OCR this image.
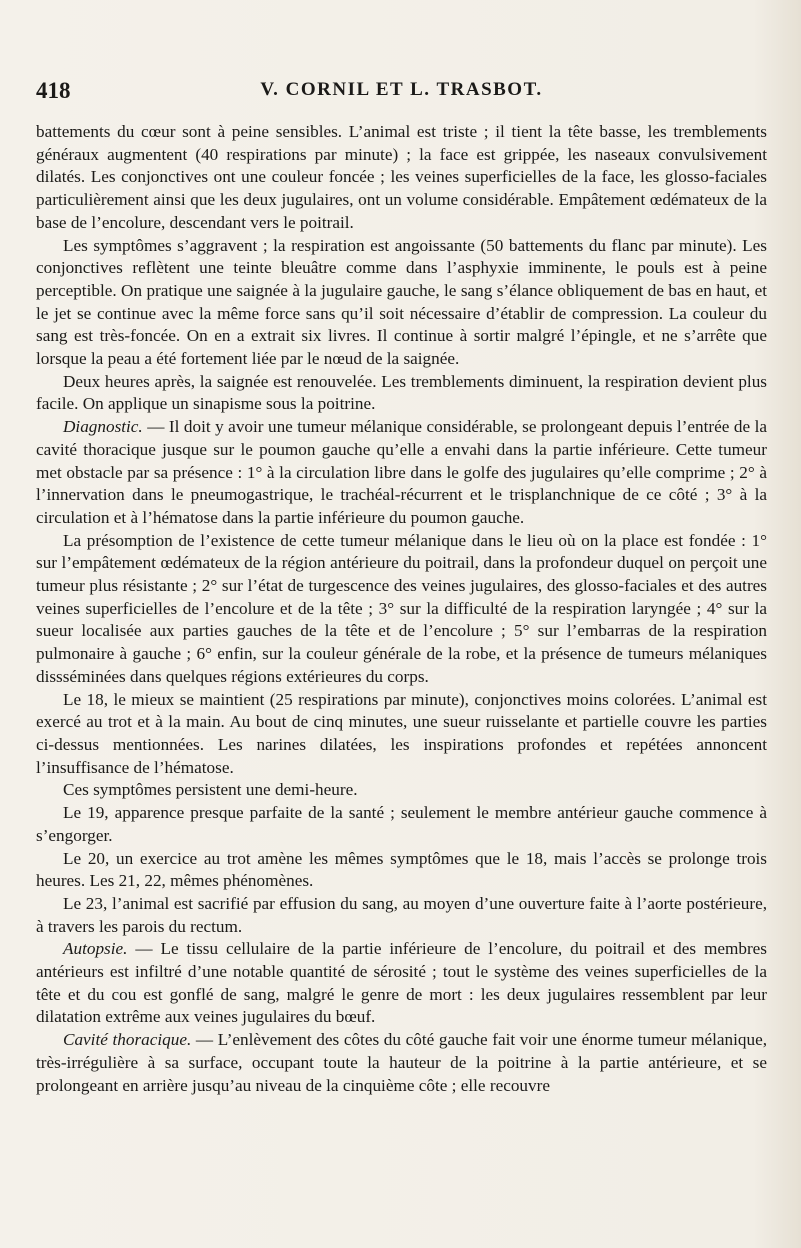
418	V. CORNIL ET L. TRASBOT.

battements du cœur sont à peine sensibles. L’animal est triste ; il tient la tête basse, les tremblements généraux augmentent (40 respirations par minute) ; la face est grippée, les naseaux convulsivement dilatés. Les conjonctives ont une couleur foncée ; les veines superficielles de la face, les glosso-faciales particulièrement ainsi que les deux jugulaires, ont un volume considérable. Empâtement œdémateux de la base de l’encolure, descendant vers le poitrail.

Les symptômes s’aggravent ; la respiration est angoissante (50 battements du flanc par minute). Les conjonctives reflètent une teinte bleuâtre comme dans l’asphyxie imminente, le pouls est à peine perceptible. On pratique une saignée à la jugulaire gauche, le sang s’élance obliquement de bas en haut, et le jet se continue avec la même force sans qu’il soit nécessaire d’établir de compression. La couleur du sang est très-foncée. On en a extrait six livres. Il continue à sortir malgré l’épingle, et ne s’arrête que lorsque la peau a été fortement liée par le nœud de la saignée.

Deux heures après, la saignée est renouvelée. Les tremblements diminuent, la respiration devient plus facile. On applique un sinapisme sous la poitrine.

Diagnostic. — Il doit y avoir une tumeur mélanique considérable, se prolongeant depuis l’entrée de la cavité thoracique jusque sur le poumon gauche qu’elle a envahi dans la partie inférieure. Cette tumeur met obstacle par sa présence : 1° à la circulation libre dans le golfe des jugulaires qu’elle comprime ; 2° à l’innervation dans le pneumogastrique, le trachéal-récurrent et le trisplanchnique de ce côté ; 3° à la circulation et à l’hématose dans la partie inférieure du poumon gauche.

La présomption de l’existence de cette tumeur mélanique dans le lieu où on la place est fondée : 1° sur l’empâtement œdémateux de la région antérieure du poitrail, dans la profondeur duquel on perçoit une tumeur plus résistante ; 2° sur l’état de turgescence des veines jugulaires, des glosso-faciales et des autres veines superficielles de l’encolure et de la tête ; 3° sur la difficulté de la respiration laryngée ; 4° sur la sueur localisée aux parties gauches de la tête et de l’encolure ; 5° sur l’embarras de la respiration pulmonaire à gauche ; 6° enfin, sur la couleur générale de la robe, et la présence de tumeurs mélaniques dissséminées dans quelques régions extérieures du corps.

Le 18, le mieux se maintient (25 respirations par minute), conjonctives moins colorées. L’animal est exercé au trot et à la main. Au bout de cinq minutes, une sueur ruisselante et partielle couvre les parties ci-dessus mentionnées. Les narines dilatées, les inspirations profondes et repétées annoncent l’insuffisance de l’hématose.

Ces symptômes persistent une demi-heure.

Le 19, apparence presque parfaite de la santé ; seulement le membre antérieur gauche commence à s’engorger.

Le 20, un exercice au trot amène les mêmes symptômes que le 18, mais l’accès se prolonge trois heures. Les 21, 22, mêmes phénomènes.

Le 23, l’animal est sacrifié par effusion du sang, au moyen d’une ouverture faite à l’aorte postérieure, à travers les parois du rectum.

Autopsie. — Le tissu cellulaire de la partie inférieure de l’encolure, du poitrail et des membres antérieurs est infiltré d’une notable quantité de sérosité ; tout le système des veines superficielles de la tête et du cou est gonflé de sang, malgré le genre de mort : les deux jugulaires ressemblent par leur dilatation extrême aux veines jugulaires du bœuf.

Cavité thoracique. — L’enlèvement des côtes du côté gauche fait voir une énorme tumeur mélanique, très-irrégulière à sa surface, occupant toute la hauteur de la poitrine à la partie antérieure, et se prolongeant en arrière jusqu’au niveau de la cinquième côte ; elle recouvre
